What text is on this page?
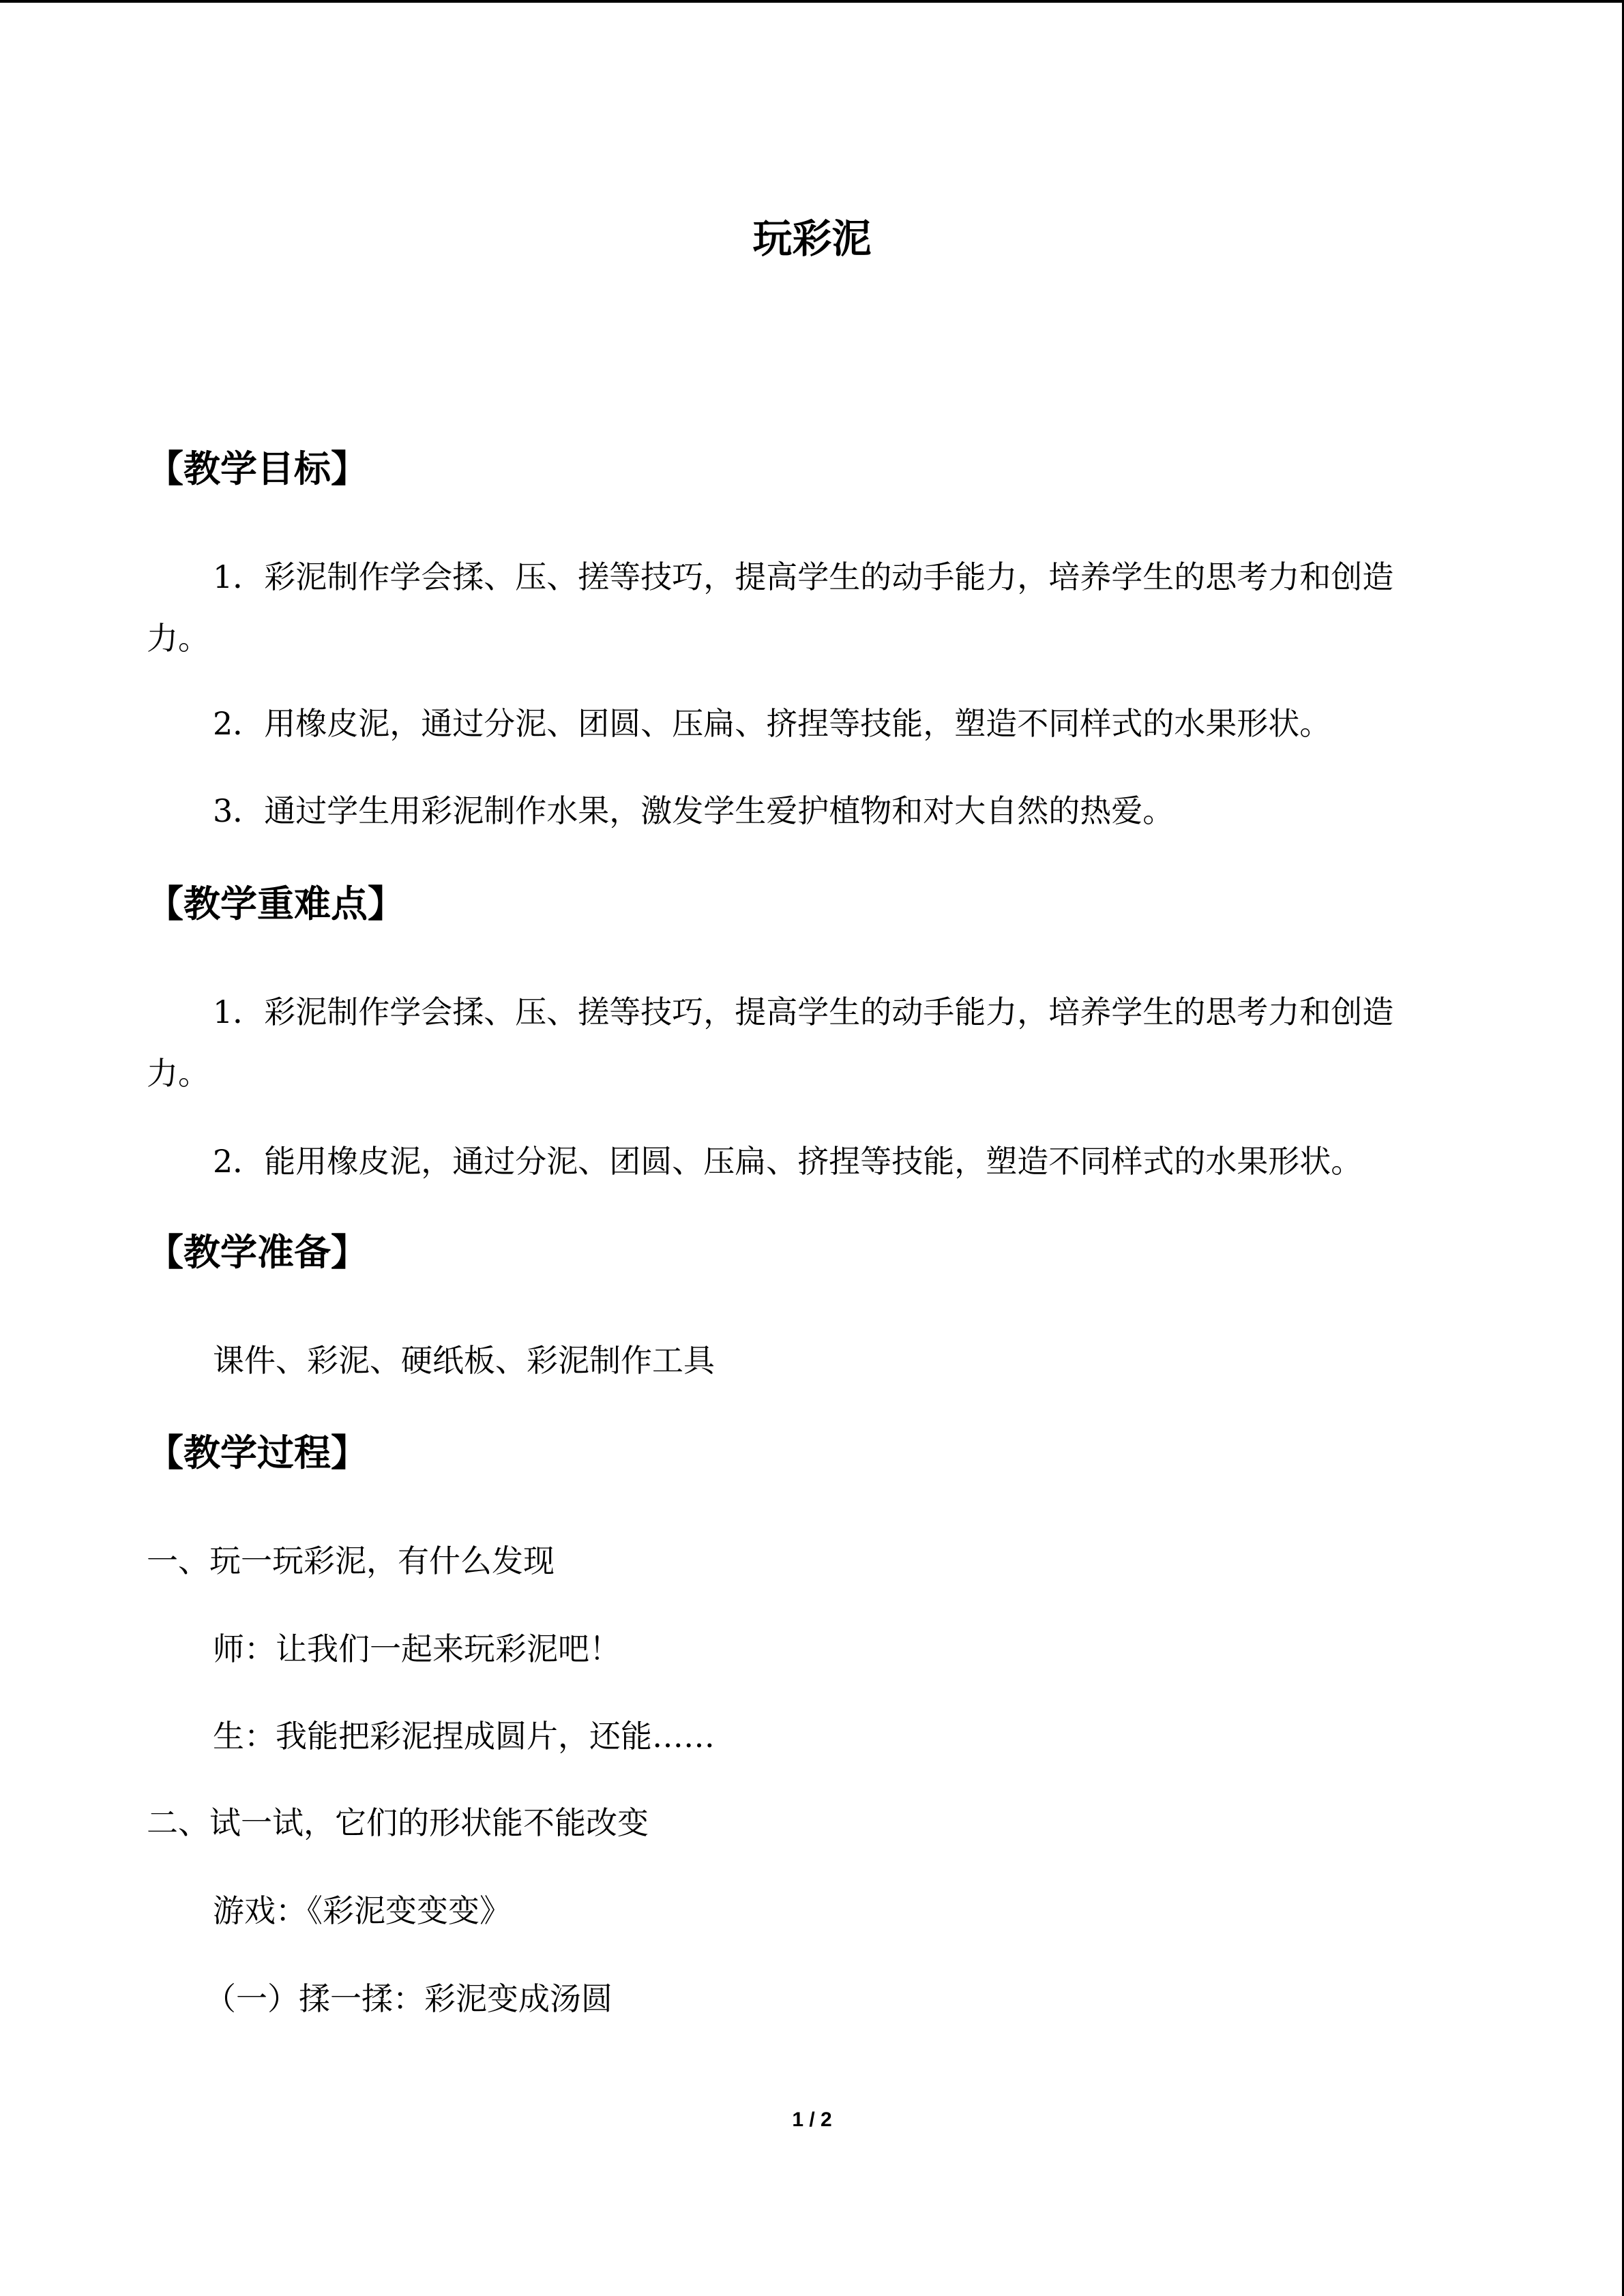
玩彩泥
【教学目标】
1．彩泥制作学会揉、压、搓等技巧，提高学生的动手能力，培养学生的思考力和创造
力。
2．用橡皮泥，通过分泥、团圆、压扁、挤捏等技能，塑造不同样式的水果形状。
3．通过学生用彩泥制作水果，激发学生爱护植物和对大自然的热爱。
【教学重难点】
1．彩泥制作学会揉、压、搓等技巧，提高学生的动手能力，培养学生的思考力和创造
力。
2．能用橡皮泥，通过分泥、团圆、压扁、挤捏等技能，塑造不同样式的水果形状。
【教学准备】
课件、彩泥、硬纸板、彩泥制作工具
【教学过程】
一、玩一玩彩泥，有什么发现
师：让我们一起来玩彩泥吧！
生：我能把彩泥捏成圆片，还能……
二、试一试，它们的形状能不能改变
游戏：《彩泥变变变》
（一）揉一揉：彩泥变成汤圆
1 / 2
